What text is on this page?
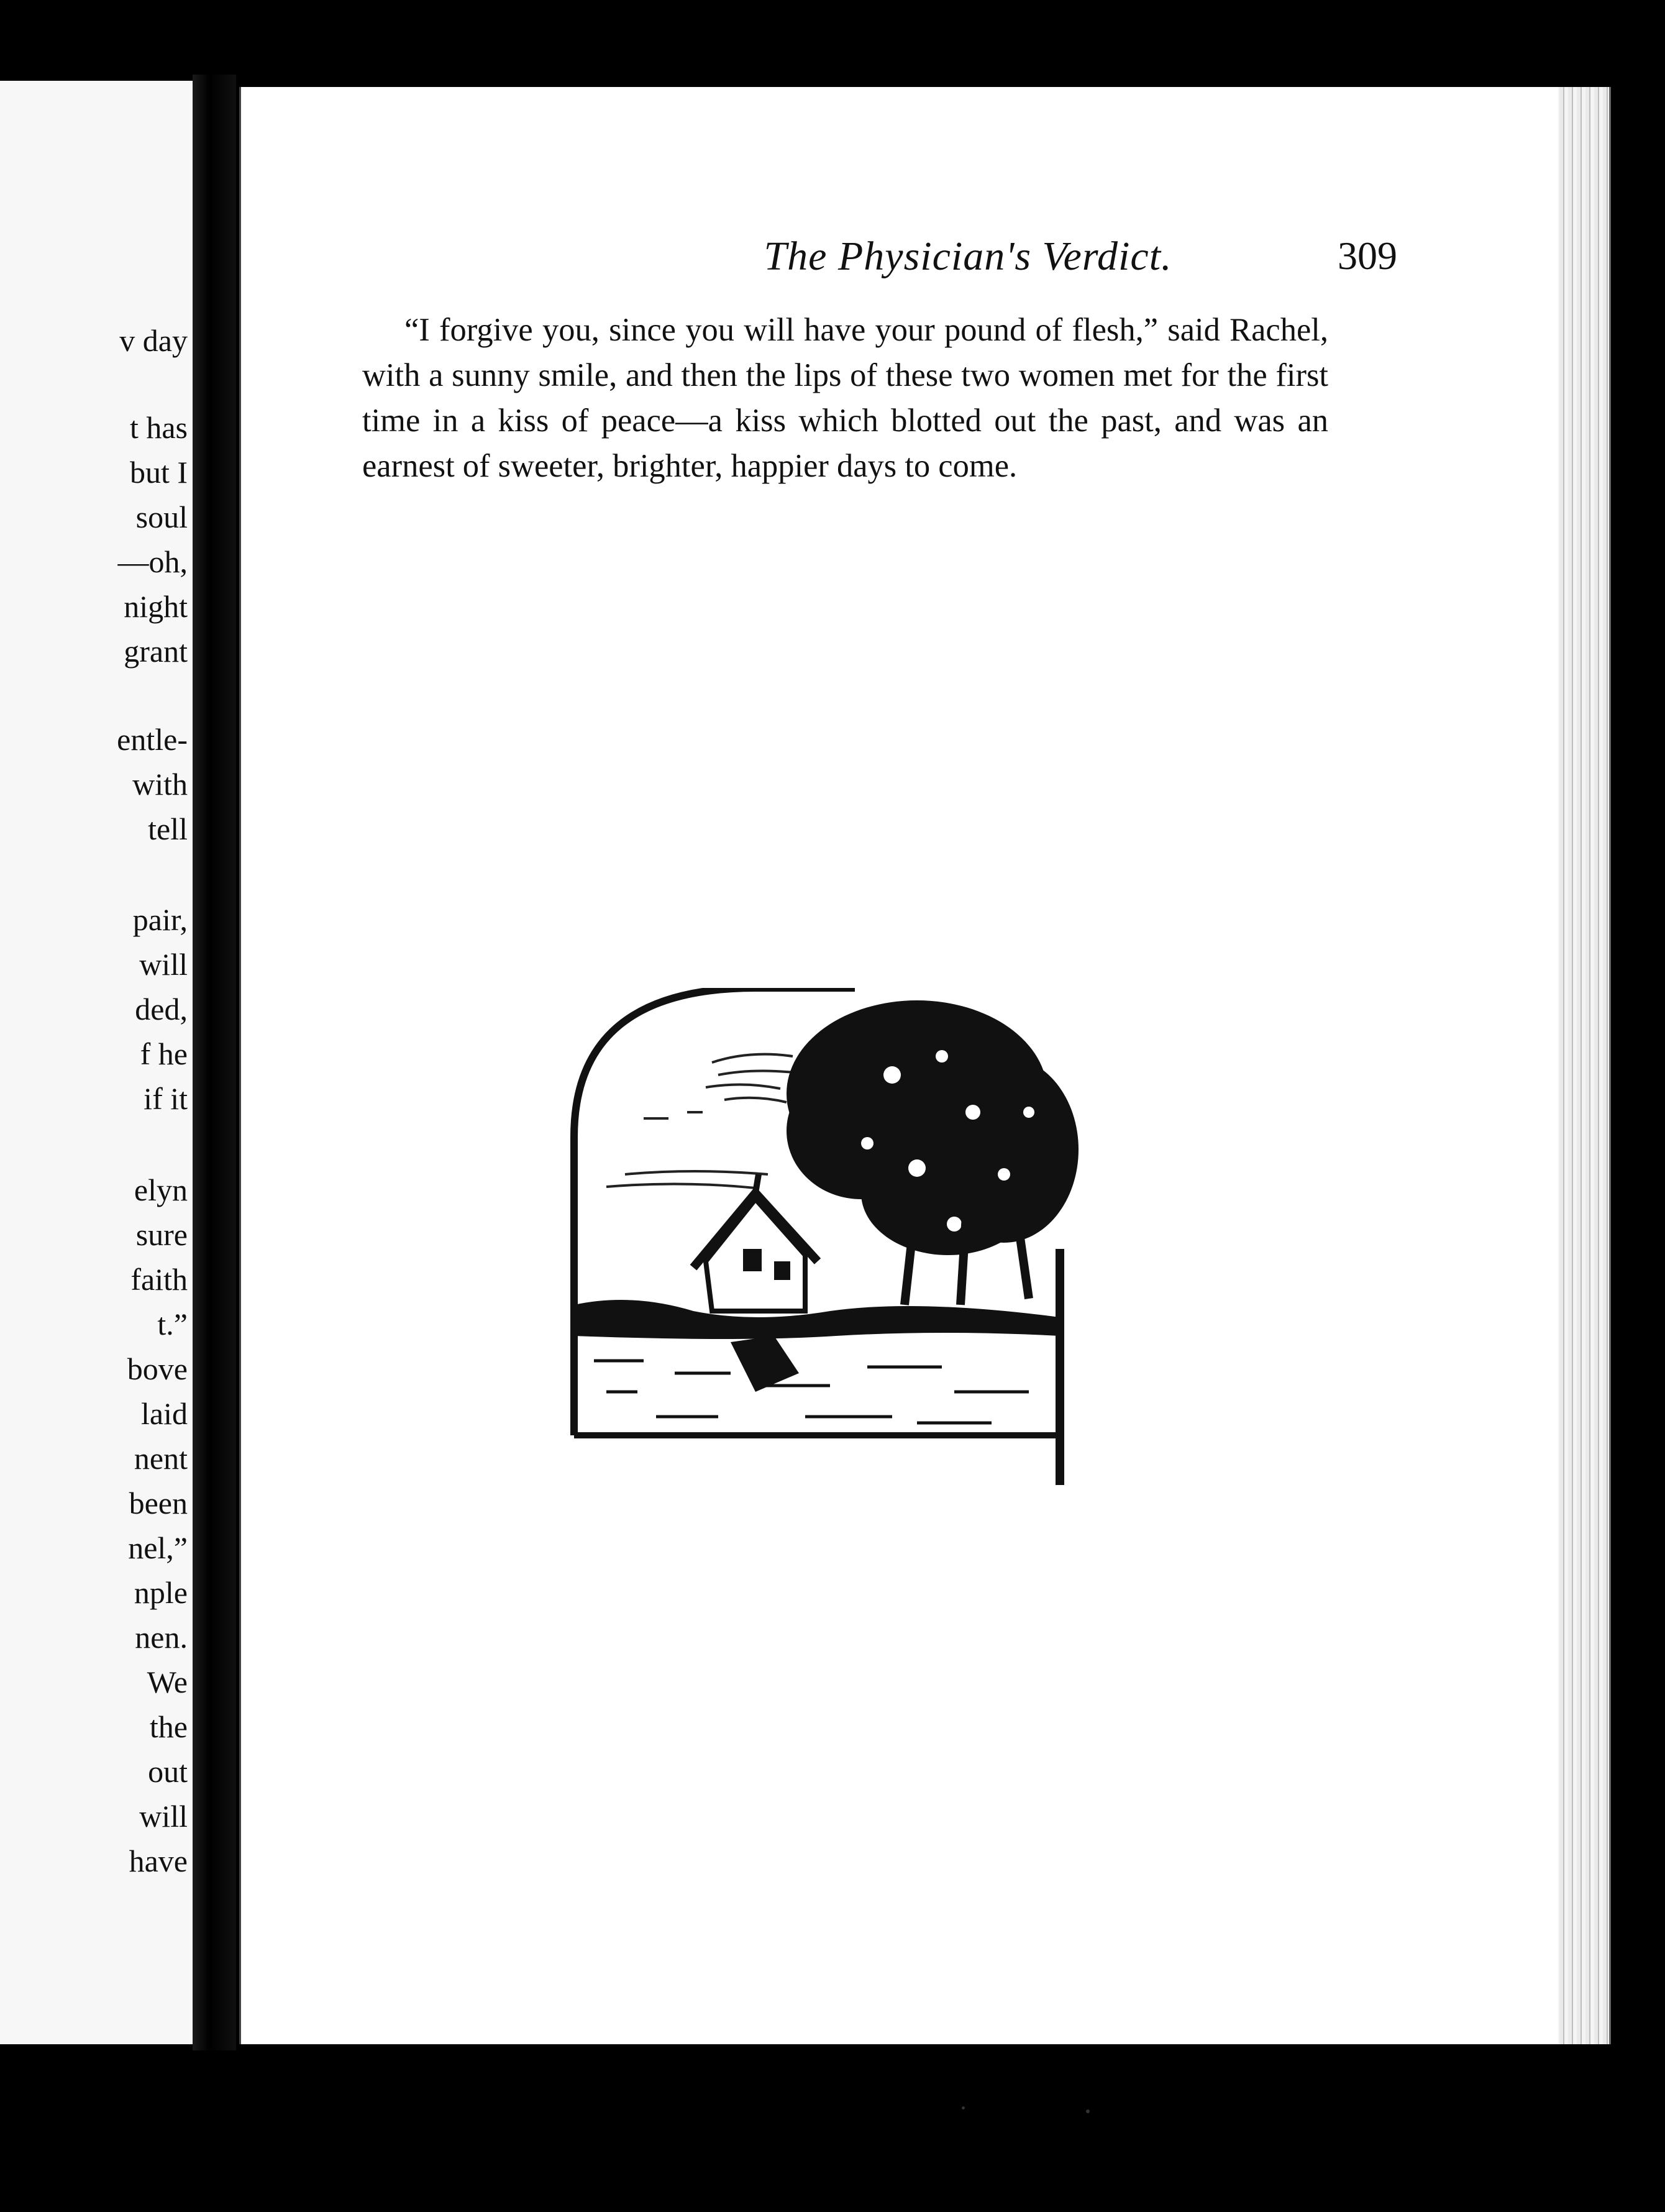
v day
t has
but I
soul
—oh,
night
grant
entle-
with
tell
pair,
will
ded,
f he
if it
elyn
sure
faith
t.”
bove
laid
nent
been
nel,”
nple
nen.
We
the
out
will
have
The Physician's Verdict.	309

“I forgive you, since you will have your pound of flesh,” said Rachel, with a sunny smile, and then the lips of these two women met for the first time in a kiss of peace—a kiss which blotted out the past, and was an earnest of sweeter, brighter, happier days to come.
